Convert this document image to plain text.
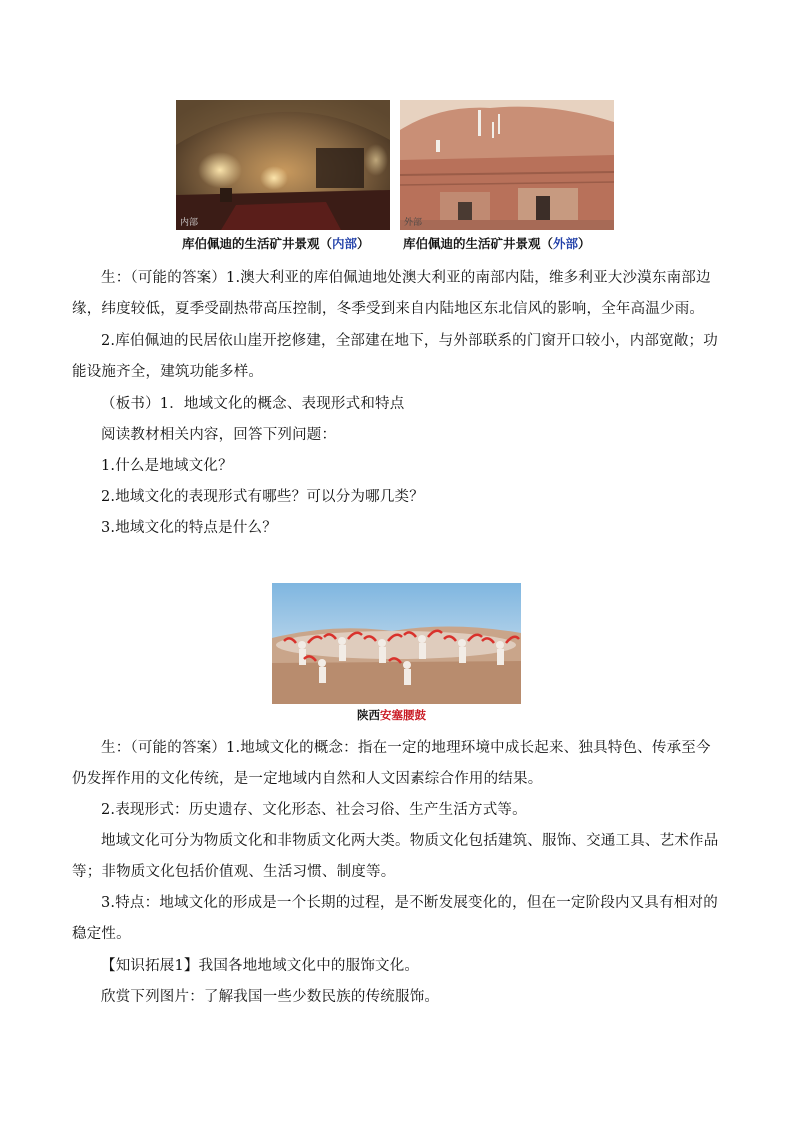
内部	外部
库伯佩迪的生活矿井景观（内部）	库伯佩迪的生活矿井景观（外部）

生：（可能的答案）1.澳大利亚的库伯佩迪地处澳大利亚的南部内陆，维多利亚大沙漠东南部边缘，纬度较低，夏季受副热带高压控制，冬季受到来自内陆地区东北信风的影响，全年高温少雨。

2.库伯佩迪的民居依山崖开挖修建，全部建在地下，与外部联系的门窗开口较小，内部宽敞；功能设施齐全，建筑功能多样。

（板书）1．地域文化的概念、表现形式和特点

阅读教材相关内容，回答下列问题：

1.什么是地域文化？

2.地域文化的表现形式有哪些？可以分为哪几类？

3.地域文化的特点是什么？

陕西安塞腰鼓

生：（可能的答案）1.地域文化的概念：指在一定的地理环境中成长起来、独具特色、传承至今仍发挥作用的文化传统，是一定地域内自然和人文因素综合作用的结果。

2.表现形式：历史遗存、文化形态、社会习俗、生产生活方式等。

地域文化可分为物质文化和非物质文化两大类。物质文化包括建筑、服饰、交通工具、艺术作品等；非物质文化包括价值观、生活习惯、制度等。

3.特点：地域文化的形成是一个长期的过程，是不断发展变化的，但在一定阶段内又具有相对的稳定性。

【知识拓展1】我国各地地域文化中的服饰文化。

欣赏下列图片：了解我国一些少数民族的传统服饰。
